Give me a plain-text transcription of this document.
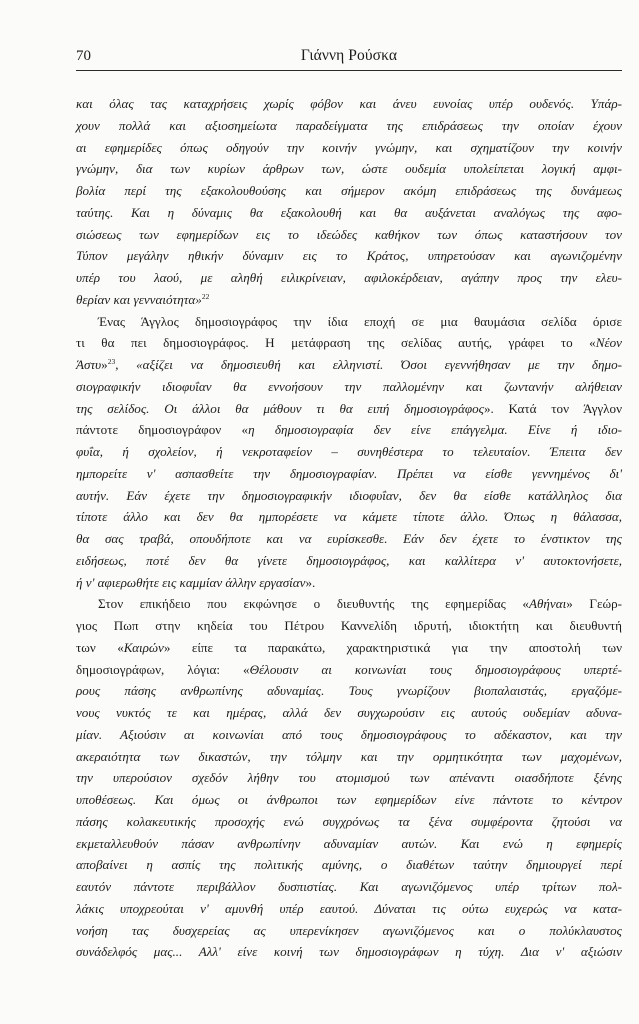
70	Γιάννη Ρούσκα
και όλας τας καταχρήσεις χωρίς φόβον και άνευ ευνοίας υπέρ ουδενός. Υπάρ-
χουν πολλά και αξιοσημείωτα παραδείγματα της επιδράσεως την οποίαν έχουν
αι εφημερίδες όπως οδηγούν την κοινήν γνώμην, και σχηματίζουν την κοινήν
γνώμην, δια των κυρίων άρθρων των, ώστε ουδεμία υπολείπεται λογική αμφι-
βολία περί της εξακολουθούσης και σήμερον ακόμη επιδράσεως της δυνάμεως
ταύτης. Και η δύναμις θα εξακολουθή και θα αυξάνεται αναλόγως της αφο-
σιώσεως των εφημερίδων εις το ιδεώδες καθήκον των όπως καταστήσουν τον
Τύπον μεγάλην ηθικήν δύναμιν εις το Κράτος, υπηρετούσαν και αγωνιζομένην
υπέρ του λαού, με αληθή ειλικρίνειαν, αφιλοκέρδειαν, αγάπην προς την ελευ-
θερίαν και γενναιότητα»$^{22}$
Ένας Άγγλος δημοσιογράφος την ίδια εποχή σε μια θαυμάσια σελίδα όρισε
τι θα πει δημοσιογράφος. Η μετάφραση της σελίδας αυτής, γράφει το «Νέον
Άστυ»$^{23}$, «αξίζει να δημοσιευθή και ελληνιστί. Όσοι εγεννήθησαν με την δημο-
σιογραφικήν ιδιοφυΐαν θα εννοήσουν την παλλομένην και ζωντανήν αλήθειαν
της σελίδος. Οι άλλοι θα μάθουν τι θα ειπή δημοσιογράφος». Κατά τον Άγγλον
πάντοτε δημοσιογράφον «η δημοσιογραφία δεν είνε επάγγελμα. Είνε ή ιδιο-
φυΐα, ή σχολείον, ή νεκροταφείον – συνηθέστερα το τελευταίον. Έπειτα δεν
ημπορείτε ν' ασπασθείτε την δημοσιογραφίαν. Πρέπει να είσθε γεννημένος δι'
αυτήν. Εάν έχετε την δημοσιογραφικήν ιδιοφυΐαν, δεν θα είσθε κατάλληλος δια
τίποτε άλλο και δεν θα ημπορέσετε να κάμετε τίποτε άλλο. Όπως η θάλασσα,
θα σας τραβά, οπουδήποτε και να ευρίσκεσθε. Εάν δεν έχετε το ένστικτον της
ειδήσεως, ποτέ δεν θα γίνετε δημοσιογράφος, και καλλίτερα ν' αυτοκτονήσετε,
ή ν' αφιερωθήτε εις καμμίαν άλλην εργασίαν».
Στον επικήδειο που εκφώνησε ο διευθυντής της εφημερίδας «Αθήναι» Γεώρ-
γιος Πωπ στην κηδεία του Πέτρου Καννελίδη ιδρυτή, ιδιοκτήτη και διευθυντή
των «Καιρών» είπε τα παρακάτω, χαρακτηριστικά για την αποστολή των
δημοσιογράφων, λόγια: «Θέλουσιν αι κοινωνίαι τους δημοσιογράφους υπερτέ-
ρους πάσης ανθρωπίνης αδυναμίας. Τους γνωρίζουν βιοπαλαιστάς, εργαζόμε-
νους νυκτός τε και ημέρας, αλλά δεν συγχωρούσιν εις αυτούς ουδεμίαν αδυνα-
μίαν. Αξιούσιν αι κοινωνίαι από τους δημοσιογράφους το αδέκαστον, και την
ακεραιότητα των δικαστών, την τόλμην και την ορμητικότητα των μαχομένων,
την υπερούσιον σχεδόν λήθην του ατομισμού των απέναντι οιασδήποτε ξένης
υποθέσεως. Και όμως οι άνθρωποι των εφημερίδων είνε πάντοτε το κέντρον
πάσης κολακευτικής προσοχής ενώ συγχρόνως τα ξένα συμφέροντα ζητούσι να
εκμεταλλευθούν πάσαν ανθρωπίνην αδυναμίαν αυτών. Και ενώ η εφημερίς
αποβαίνει η ασπίς της πολιτικής αμύνης, ο διαθέτων ταύτην δημιουργεί περί
εαυτόν πάντοτε περιβάλλον δυσπιστίας. Και αγωνιζόμενος υπέρ τρίτων πολ-
λάκις υποχρεούται ν' αμυνθή υπέρ εαυτού. Δύναται τις ούτω ευχερώς να κατα-
νοήση τας δυσχερείας ας υπερενίκησεν αγωνιζόμενος και ο πολύκλαυστος
συνάδελφός μας... Αλλ' είνε κοινή των δημοσιογράφων η τύχη. Δια ν' αξιώσιν
